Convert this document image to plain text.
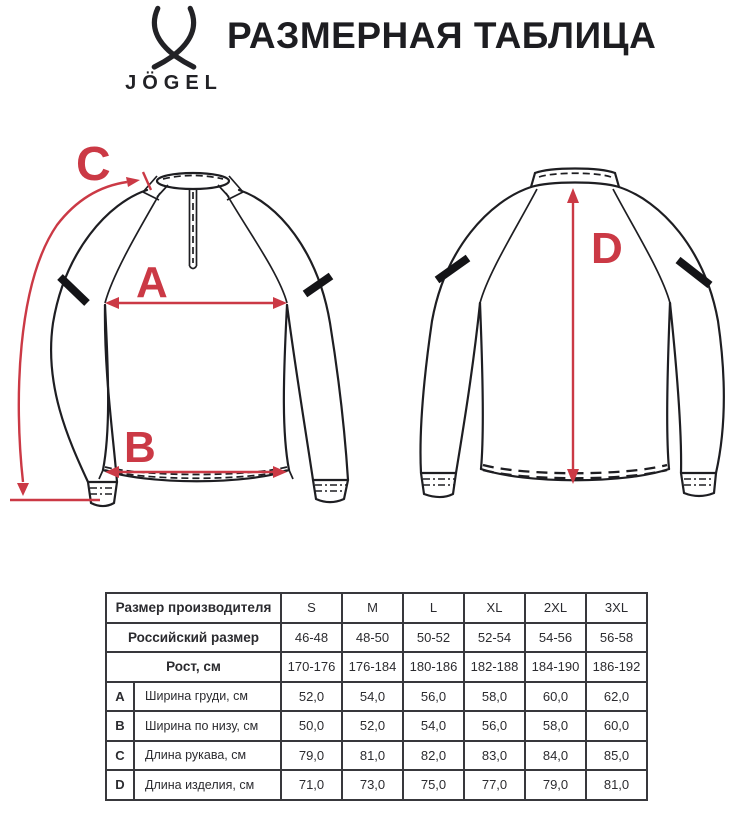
JÖGEL
РАЗМЕРНАЯ ТАБЛИЦА
A
B
C
D
Размер производителя		S	M	L	XL	2XL	3XL
Российский размер		46-48	48-50	50-52	52-54	54-56	56-58
Рост, см		170-176	176-184	180-186	182-188	184-190	186-192
A	Ширина груди, см	52,0	54,0	56,0	58,0	60,0	62,0
B	Ширина по низу, см	50,0	52,0	54,0	56,0	58,0	60,0
C	Длина рукава, см	79,0	81,0	82,0	83,0	84,0	85,0
D	Длина изделия, см	71,0	73,0	75,0	77,0	79,0	81,0
